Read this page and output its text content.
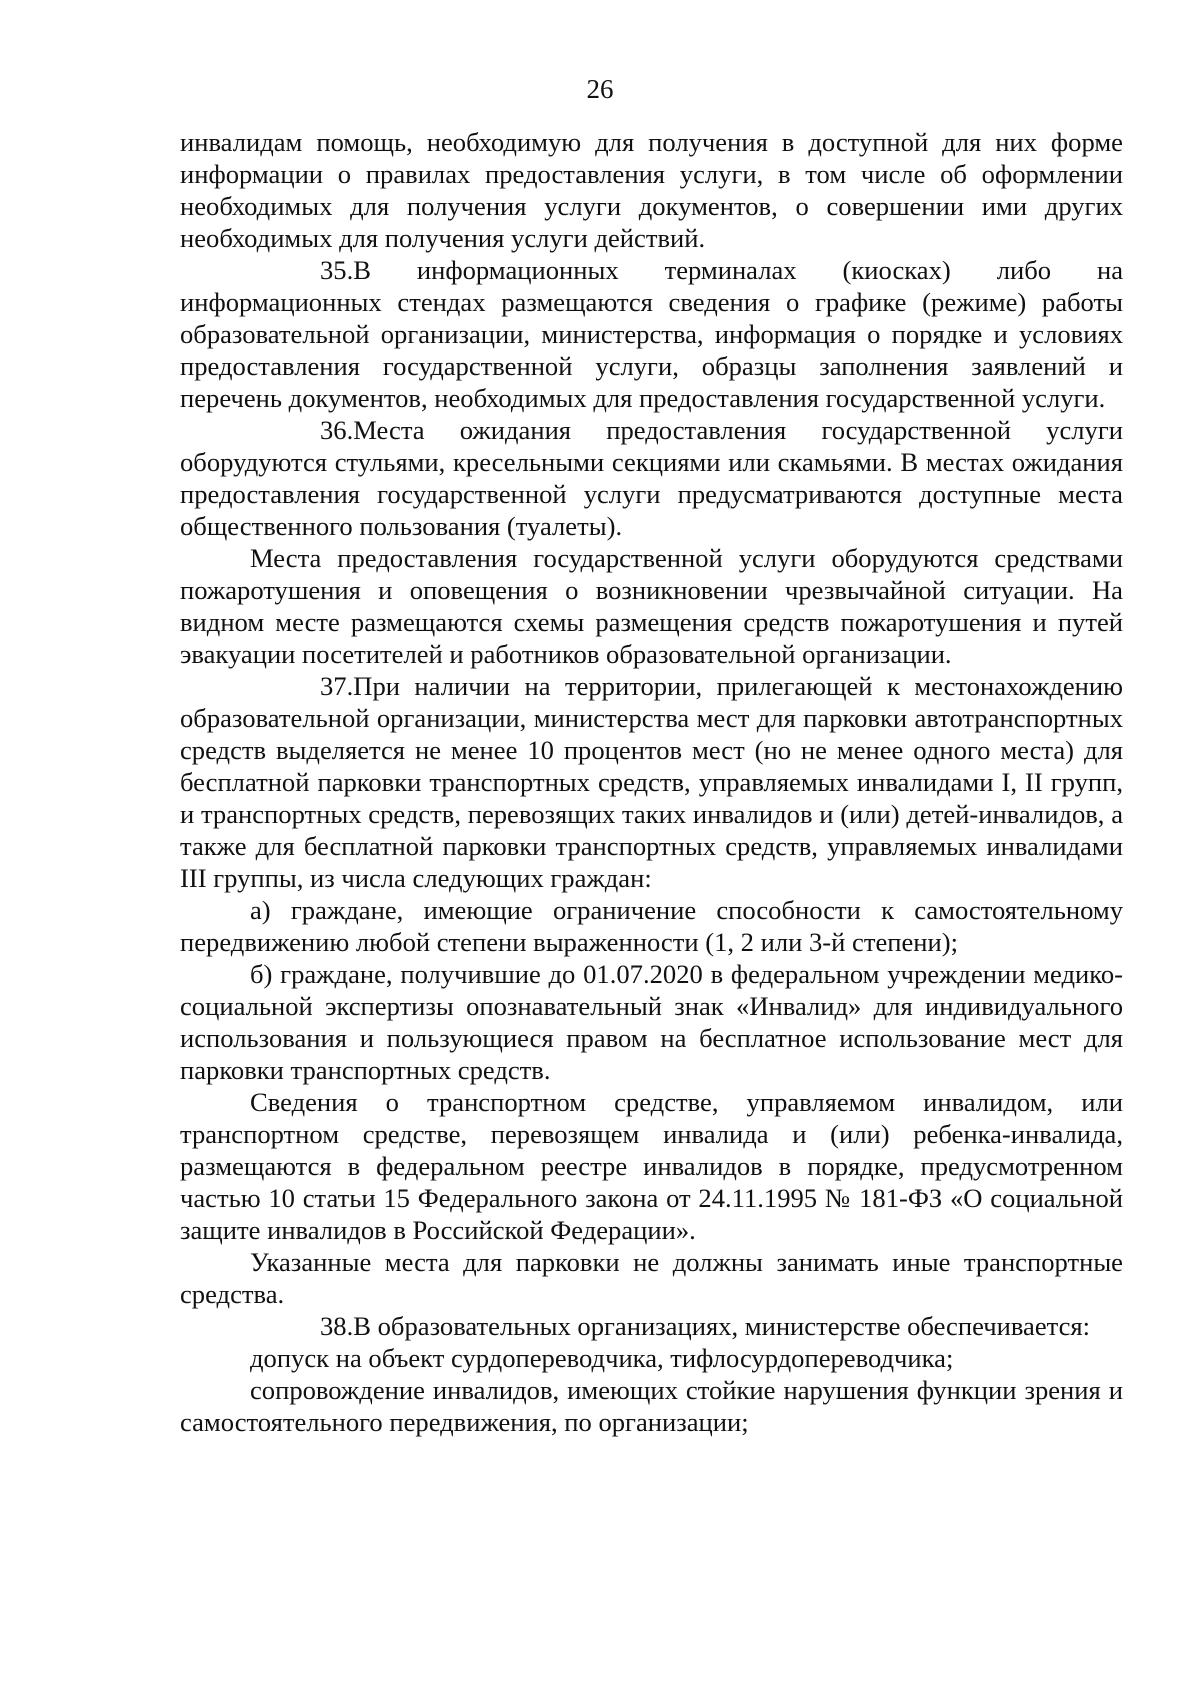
26

инвалидам помощь, необходимую для получения в доступной для них форме информации о правилах предоставления услуги, в том числе об оформлении необходимых для получения услуги документов, о совершении ими других необходимых для получения услуги действий.

35.В информационных терминалах (киосках) либо на информационных стендах размещаются сведения о графике (режиме) работы образовательной организации, министерства, информация о порядке и условиях предоставления государственной услуги, образцы заполнения заявлений и перечень документов, необходимых для предоставления государственной услуги.

36.Места ожидания предоставления государственной услуги оборудуются стульями, кресельными секциями или скамьями. В местах ожидания предоставления государственной услуги предусматриваются доступные места общественного пользования (туалеты).

Места предоставления государственной услуги оборудуются средствами пожаротушения и оповещения о возникновении чрезвычайной ситуации. На видном месте размещаются схемы размещения средств пожаротушения и путей эвакуации посетителей и работников образовательной организации.

37.При наличии на территории, прилегающей к местонахождению образовательной организации, министерства мест для парковки автотранспортных средств выделяется не менее 10 процентов мест (но не менее одного места) для бесплатной парковки транспортных средств, управляемых инвалидами I, II групп, и транспортных средств, перевозящих таких инвалидов и (или) детей-инвалидов, а также для бесплатной парковки транспортных средств, управляемых инвалидами III группы, из числа следующих граждан:

а) граждане, имеющие ограничение способности к самостоятельному передвижению любой степени выраженности (1, 2 или 3-й степени);

б) граждане, получившие до 01.07.2020 в федеральном учреждении медико-социальной экспертизы опознавательный знак «Инвалид» для индивидуального использования и пользующиеся правом на бесплатное использование мест для парковки транспортных средств.

Сведения о транспортном средстве, управляемом инвалидом, или транспортном средстве, перевозящем инвалида и (или) ребенка-инвалида, размещаются в федеральном реестре инвалидов в порядке, предусмотренном частью 10 статьи 15 Федерального закона от 24.11.1995 № 181-ФЗ «О социальной защите инвалидов в Российской Федерации».

Указанные места для парковки не должны занимать иные транспортные средства.

38.В образовательных организациях, министерстве обеспечивается:

допуск на объект сурдопереводчика, тифлосурдопереводчика;

сопровождение инвалидов, имеющих стойкие нарушения функции зрения и самостоятельного передвижения, по организации;
